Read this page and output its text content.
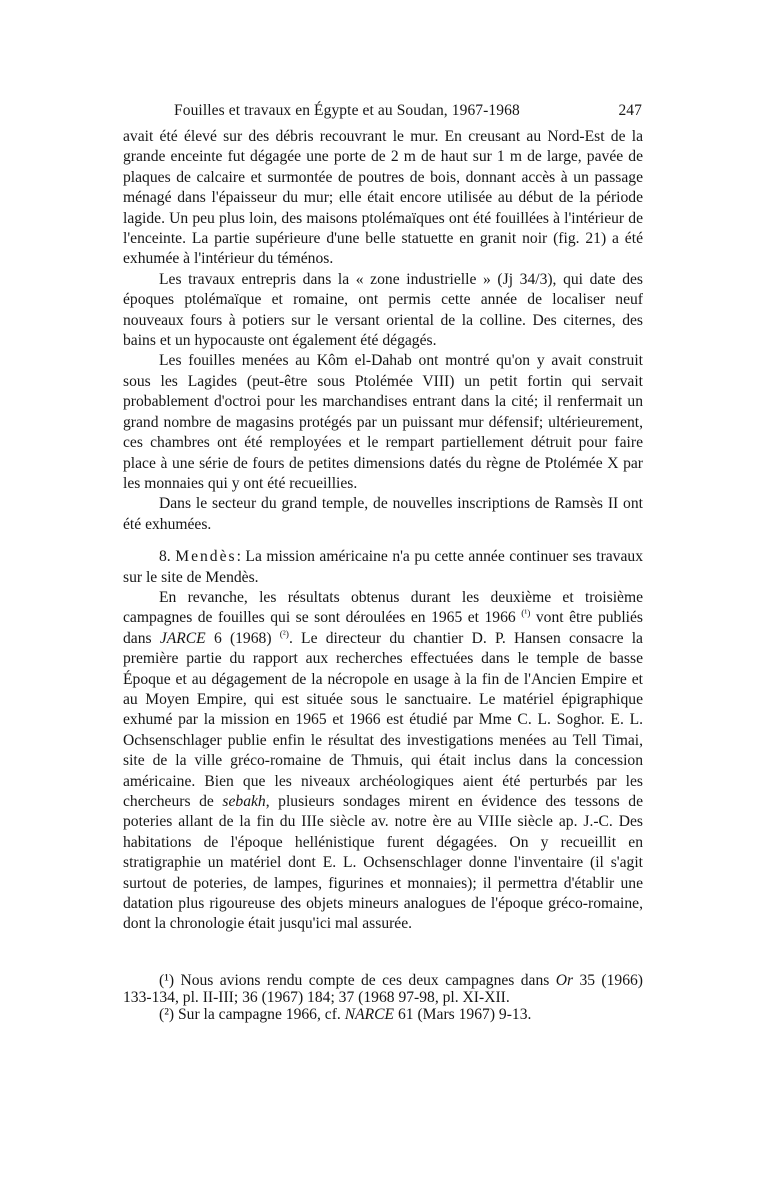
Fouilles et travaux en Égypte et au Soudan, 1967-1968	247

avait été élevé sur des débris recouvrant le mur. En creusant au Nord-Est de la grande enceinte fut dégagée une porte de 2 m de haut sur 1 m de large, pavée de plaques de calcaire et surmontée de poutres de bois, donnant accès à un passage ménagé dans l'épaisseur du mur; elle était encore utilisée au début de la période lagide. Un peu plus loin, des maisons ptolémaïques ont été fouillées à l'intérieur de l'enceinte. La partie supérieure d'une belle statuette en granit noir (fig. 21) a été exhumée à l'intérieur du téménos.

Les travaux entrepris dans la « zone industrielle » (Jj 34/3), qui date des époques ptolémaïque et romaine, ont permis cette année de localiser neuf nouveaux fours à potiers sur le versant oriental de la colline. Des citernes, des bains et un hypocauste ont également été dégagés.

Les fouilles menées au Kôm el-Dahab ont montré qu'on y avait construit sous les Lagides (peut-être sous Ptolémée VIII) un petit fortin qui servait probablement d'octroi pour les marchandises entrant dans la cité; il renfermait un grand nombre de magasins protégés par un puissant mur défensif; ultérieurement, ces chambres ont été remployées et le rempart partiellement détruit pour faire place à une série de fours de petites dimensions datés du règne de Ptolémée X par les monnaies qui y ont été recueillies.

Dans le secteur du grand temple, de nouvelles inscriptions de Ramsès II ont été exhumées.

8. Mendès: La mission américaine n'a pu cette année continuer ses travaux sur le site de Mendès.

En revanche, les résultats obtenus durant les deuxième et troisième campagnes de fouilles qui se sont déroulées en 1965 et 1966 $^{(^1)}$ vont être publiés dans JARCE 6 (1968) $^{(^2)}$. Le directeur du chantier D. P. Hansen consacre la première partie du rapport aux recherches effectuées dans le temple de basse Époque et au dégagement de la nécropole en usage à la fin de l'Ancien Empire et au Moyen Empire, qui est située sous le sanctuaire. Le matériel épigraphique exhumé par la mission en 1965 et 1966 est étudié par Mme C. L. Soghor. E. L. Ochsenschlager publie enfin le résultat des investigations menées au Tell Timai, site de la ville gréco-romaine de Thmuis, qui était inclus dans la concession américaine. Bien que les niveaux archéologiques aient été perturbés par les chercheurs de sebakh, plusieurs sondages mirent en évidence des tessons de poteries allant de la fin du IIIe siècle av. notre ère au VIIIe siècle ap. J.-C. Des habitations de l'époque hellénistique furent dégagées. On y recueillit en stratigraphie un matériel dont E. L. Ochsenschlager donne l'inventaire (il s'agit surtout de poteries, de lampes, figurines et monnaies); il permettra d'établir une datation plus rigoureuse des objets mineurs analogues de l'époque gréco-romaine, dont la chronologie était jusqu'ici mal assurée.

(¹) Nous avions rendu compte de ces deux campagnes dans Or 35 (1966) 133-134, pl. II-III; 36 (1967) 184; 37 (1968 97-98, pl. XI-XII.

(²) Sur la campagne 1966, cf. NARCE 61 (Mars 1967) 9-13.
